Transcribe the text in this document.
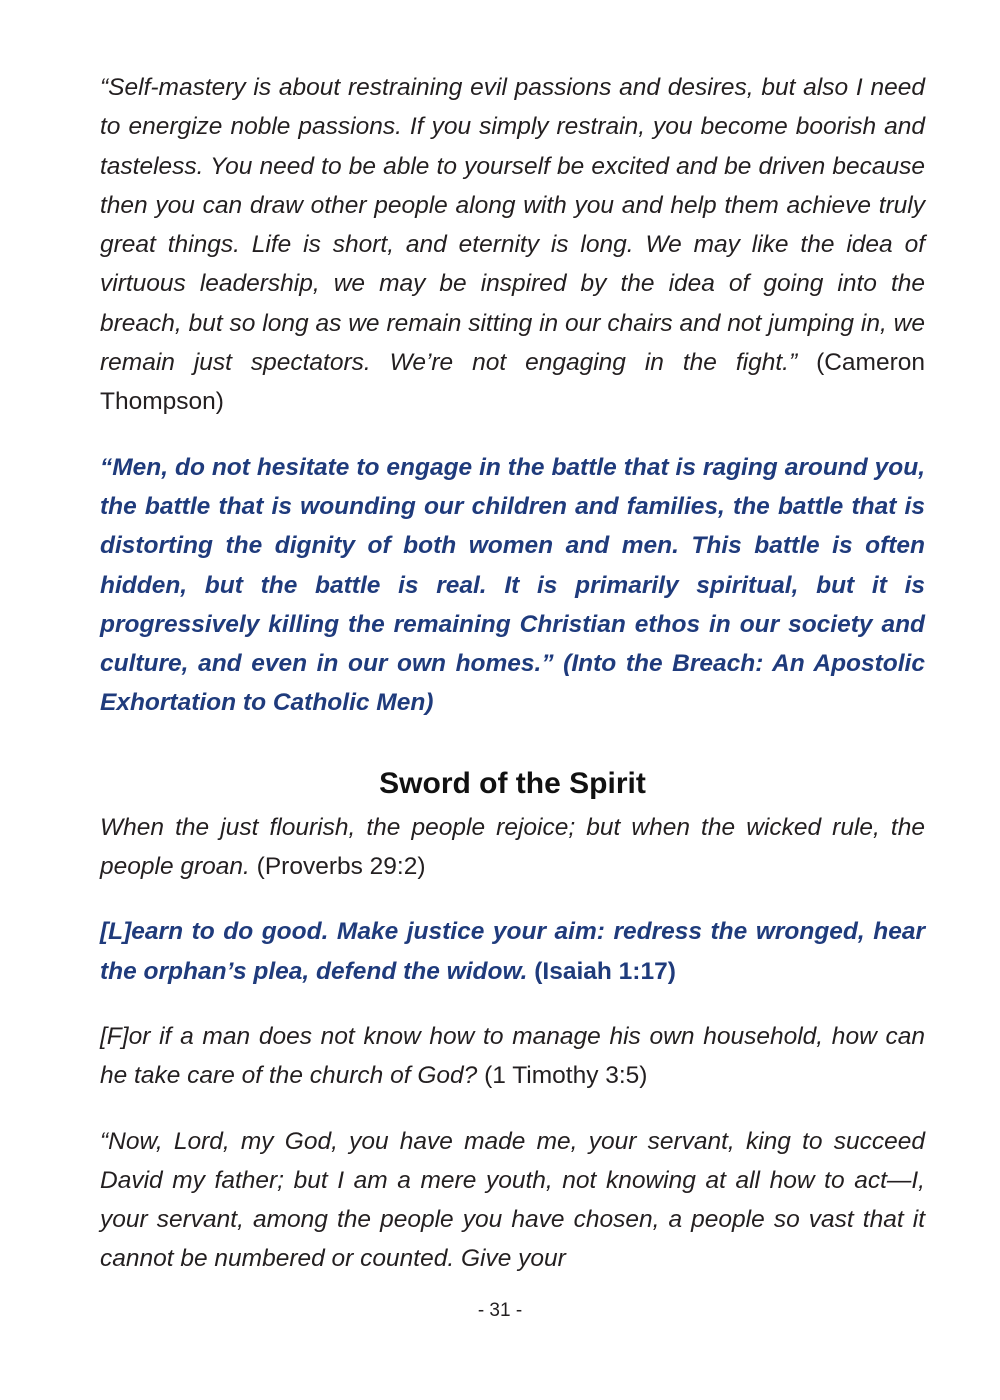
“Self-mastery is about restraining evil passions and desires, but also I need to energize noble passions. If you simply restrain, you become boorish and tasteless. You need to be able to yourself be excited and be driven because then you can draw other people along with you and help them achieve truly great things. Life is short, and eternity is long. We may like the idea of virtuous leadership, we may be inspired by the idea of going into the breach, but so long as we remain sitting in our chairs and not jumping in, we remain just spectators. We’re not engaging in the fight.” (Cameron Thompson)

“Men, do not hesitate to engage in the battle that is raging around you, the battle that is wounding our children and families, the battle that is distorting the dignity of both women and men. This battle is often hidden, but the battle is real. It is primarily spiritual, but it is progressively killing the remaining Christian ethos in our society and culture, and even in our own homes.” (Into the Breach: An Apostolic Exhortation to Catholic Men)

Sword of the Spirit

When the just flourish, the people rejoice; but when the wicked rule, the people groan. (Proverbs 29:2)

[L]earn to do good. Make justice your aim: redress the wronged, hear the orphan’s plea, defend the widow. (Isaiah 1:17)

[F]or if a man does not know how to manage his own household, how can he take care of the church of God? (1 Timothy 3:5)

“Now, Lord, my God, you have made me, your servant, king to succeed David my father; but I am a mere youth, not knowing at all how to act—I, your servant, among the people you have chosen, a people so vast that it cannot be numbered or counted. Give your

- 31 -
